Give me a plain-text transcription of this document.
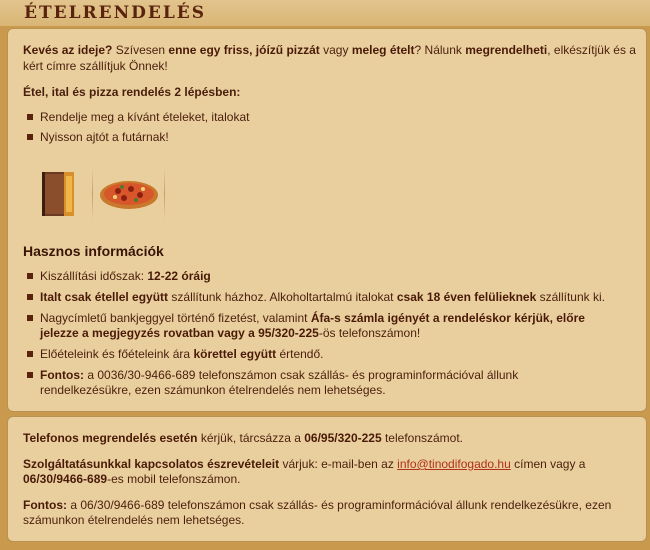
ÉTELRENDELÉS

Kevés az ideje? Szívesen enne egy friss, jóízű pizzát vagy meleg ételt? Nálunk megrendelheti, elkészítjük és a

kért címre szállítjuk Önnek!

Étel, ital és pizza rendelés 2 lépésben:

Rendelje meg a kívánt ételeket, italokat
Nyisson ajtót a futárnak!
Hasznos információk
Kiszállítási időszak: 12-22 óráig
Italt csak étellel együtt szállítunk házhoz. Alkoholtartalmú italokat csak 18 éven felülieknek szállítunk ki.
Nagycímletű bankjeggyel történő fizetést, valamint Áfa-s számla igényét a rendeléskor kérjük, előre
jelezze a megjegyzés rovatban vagy a 95/320-225-ös telefonszámon!
Előételeink és főételeink ára körettel együtt értendő.
Fontos: a 0036/30-9466-689 telefonszámon csak szállás- és programinformációval állunk
rendelkezésükre, ezen számunkon ételrendelés nem lehetséges.

Telefonos megrendelés esetén kérjük, tárcsázza a 06/95/320-225 telefonszámot.

Szolgáltatásunkkal kapcsolatos észrevételeit várjuk: e-mail-ben az info@tinodifogado.hu címen vagy a

06/30/9466-689-es mobil telefonszámon.

Fontos: a 06/30/9466-689 telefonszámon csak szállás- és programinformációval állunk rendelkezésükre, ezen

számunkon ételrendelés nem lehetséges.
